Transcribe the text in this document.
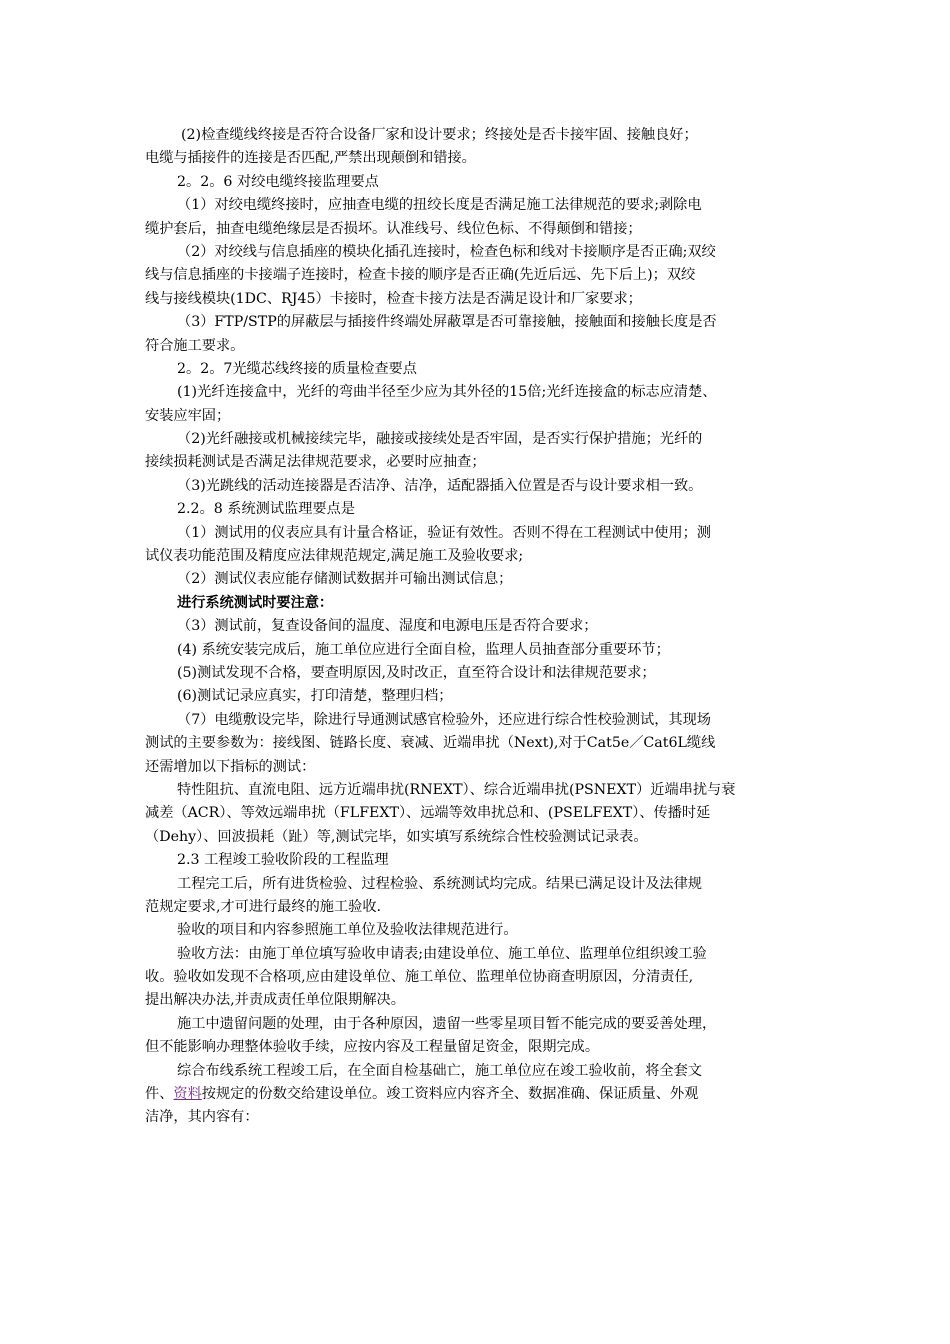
(2)检查缆线终接是否符合设备厂家和设计要求；终接处是否卡接牢固、接触良好；
电缆与插接件的连接是否匹配,严禁出现颠倒和错接。
2。2。6 对绞电缆终接监理要点
（1）对绞电缆终接时，应抽查电缆的扭绞长度是否满足施工法律规范的要求;剥除电
缆护套后，抽查电缆绝缘层是否损坏。认准线号、线位色标、不得颠倒和错接；
（2）对绞线与信息插座的模块化插孔连接时，检查色标和线对卡接顺序是否正确;双绞
线与信息插座的卡接端子连接时，检查卡接的顺序是否正确(先近后远、先下后上)；双绞
线与接线模块(1DC、RJ45）卡接时，检查卡接方法是否满足设计和厂家要求；
（3）FTP/STP的屏蔽层与插接件终端处屏蔽罩是否可靠接触，接触面和接触长度是否
符合施工要求。
2。2。7光缆芯线终接的质量检查要点
(1)光纤连接盒中，光纤的弯曲半径至少应为其外径的15倍;光纤连接盒的标志应清楚、
安装应牢固；
（2)光纤融接或机械接续完毕，融接或接续处是否牢固，是否实行保护措施；光纤的
接续损耗测试是否满足法律规范要求，必要时应抽查；
（3)光跳线的活动连接器是否洁净、洁净，适配器插入位置是否与设计要求相一致。
2.2。8 系统测试监理要点是
（1）测试用的仪表应具有计量合格证，验证有效性。否则不得在工程测试中使用；测
试仪表功能范围及精度应法律规范规定,满足施工及验收要求;
（2）测试仪表应能存储测试数据并可输出测试信息；
进行系统测试时要注意：
（3）测试前，复查设备间的温度、湿度和电源电压是否符合要求；
(4) 系统安装完成后，施工单位应进行全面自检，监理人员抽查部分重要环节；
(5)测试发现不合格，要查明原因,及时改正，直至符合设计和法律规范要求；
(6)测试记录应真实，打印清楚，整理归档；
（7）电缆敷设完毕，除进行导通测试感官检验外，还应进行综合性校验测试，其现场
测试的主要参数为：接线图、链路长度、衰减、近端串扰（Next),对于Cat5e／Cat6L缆线
还需增加以下指标的测试：
特性阻抗、直流电阻、远方近端串扰(RNEXT）、综合近端串扰(PSNEXT）近端串扰与衰
减差（ACR）、等效远端串扰（FLFEXT）、远端等效串扰总和、(PSELFEXT）、传播时延
（Dehy）、回波损耗（趾）等,测试完毕，如实填写系统综合性校验测试记录表。
2.3 工程竣工验收阶段的工程监理
工程完工后，所有进货检验、过程检验、系统测试均完成。结果已满足设计及法律规
范规定要求,才可进行最终的施工验收.
验收的项目和内容参照施工单位及验收法律规范进行。
验收方法：由施丁单位填写验收申请表;由建设单位、施工单位、监理单位组织竣工验
收。验收如发现不合格项,应由建设单位、施工单位、监理单位协商查明原因，分清责任,
提出解决办法,并责成责任单位限期解决。
施工中遗留问题的处理，由于各种原因，遗留一些零星项目暂不能完成的要妥善处理，
但不能影响办理整体验收手续，应按内容及工程量留足资金，限期完成。
综合布线系统工程竣工后，在全面自检基础亡，施工单位应在竣工验收前，将全套文
件、资料按规定的份数交给建设单位。竣工资料应内容齐全、数据准确、保证质量、外观
洁净，其内容有：
